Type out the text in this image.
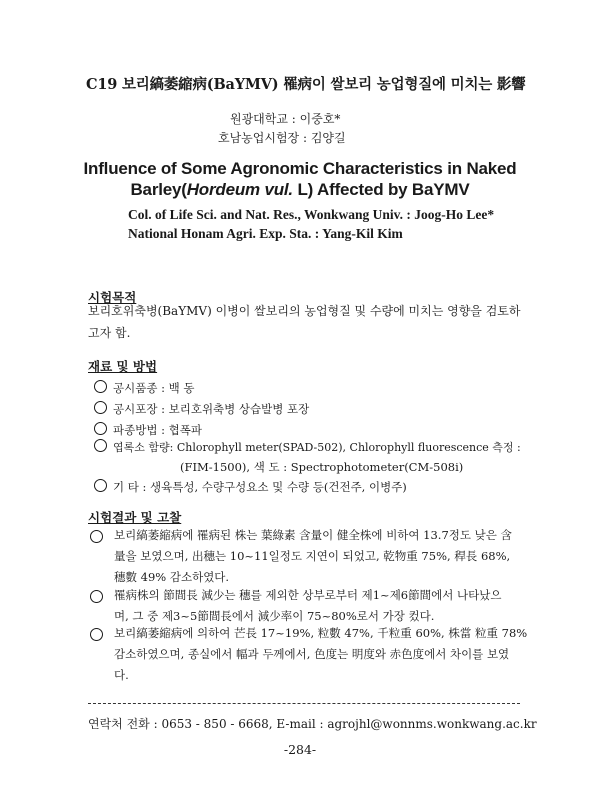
C19 보리縞萎縮病(BaYMV) 罹病이 쌀보리 농업형질에 미치는 影響
원광대학교 : 이중호*
호남농업시험장 : 김양길
Influence of Some Agronomic Characteristics in Naked
Barley(Hordeum vul. L) Affected by BaYMV
Col. of Life Sci. and Nat. Res., Wonkwang Univ. : Joog-Ho Lee*
National Honam Agri. Exp. Sta. : Yang-Kil Kim
시험목적
보리호위축병(BaYMV) 이병이 쌀보리의 농업형질 및 수량에 미치는 영향을 검토하고자 함.
재료 및 방법
공시품종 : 백 동
공시포장 : 보리호위축병 상습발병 포장
파종방법 : 협폭파
엽록소 함량: Chlorophyll meter(SPAD-502), Chlorophyll fluorescence 측정 :
(FIM-1500), 색 도 : Spectrophotometer(CM-508i)
기 타 : 생육특성, 수량구성요소 및 수량 등(건전주, 이병주)
시험결과 및 고찰
보리縞萎縮病에 罹病된 株는 葉綠素 含量이 健全株에 비하여 13.7정도 낮은 含
量을 보였으며, 出穗는 10~11일정도 지연이 되었고, 乾物重 75%, 稈長 68%,
穗數 49% 감소하였다.
罹病株의 節間長 減少는 穗를 제외한 상부로부터 제1~제6節間에서 나타났으
며, 그 중 제3~5節間長에서 減少率이 75~80%로서 가장 컸다.
보리縞萎縮病에 의하여 芒長 17~19%, 粒數 47%, 千粒重 60%, 株當 粒重 78%
감소하였으며, 종실에서 幅과 두께에서, 色度는 明度와 赤色度에서 차이를 보였
다.
연락처 전화 : 0653 - 850 - 6668, E-mail : agrojhl@wonnms.wonkwang.ac.kr
-284-
